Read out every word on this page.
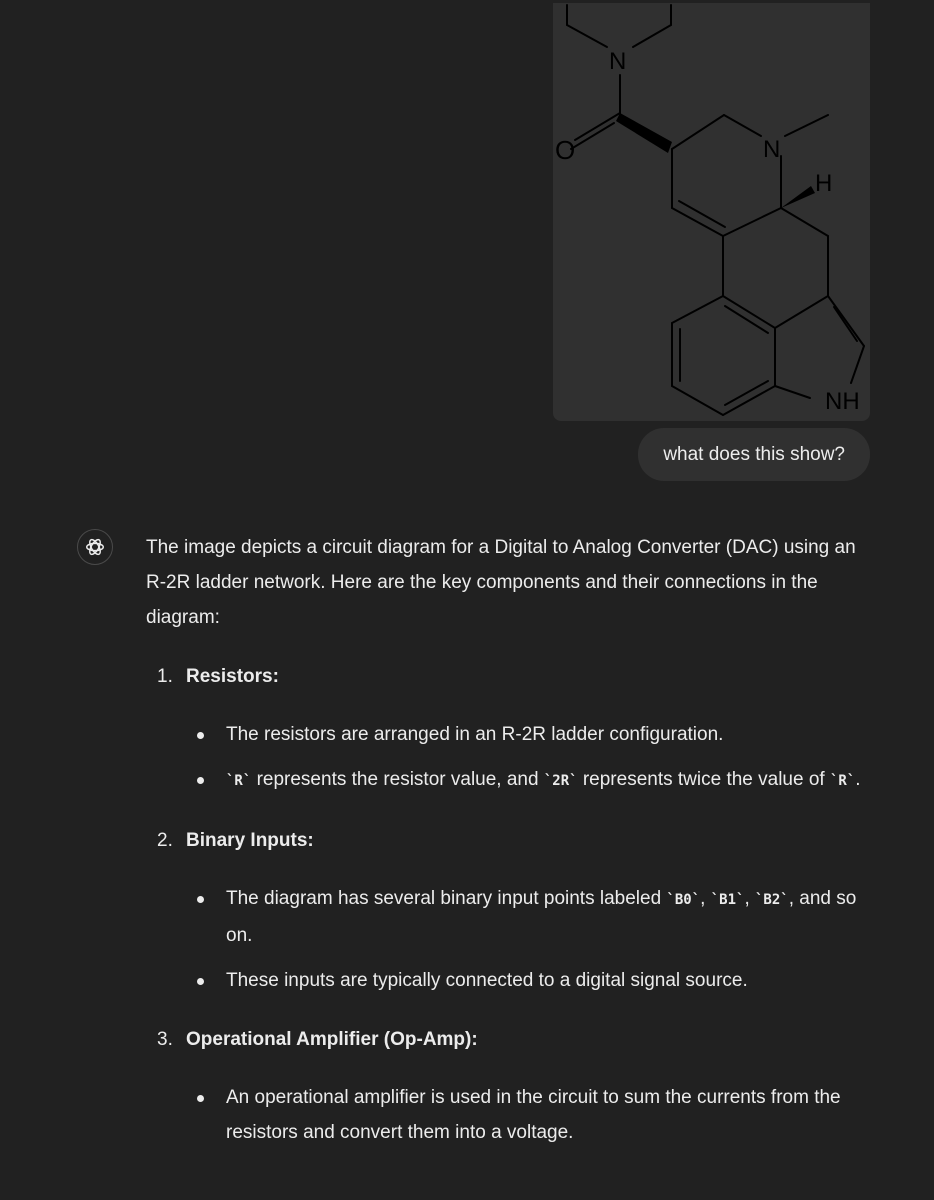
N
O	N
H
NH
what does this show?

The image depicts a circuit diagram for a Digital to Analog Converter (DAC) using an R-2R ladder network. Here are the key components and their connections in the diagram:

1. Resistors:
The resistors are arranged in an R-2R ladder configuration.
`R` represents the resistor value, and `2R` represents twice the value of `R`.
2. Binary Inputs:
The diagram has several binary input points labeled `B0`, `B1`, `B2`, and so on.
These inputs are typically connected to a digital signal source.
3. Operational Amplifier (Op-Amp):
An operational amplifier is used in the circuit to sum the currents from the resistors and convert them into a voltage.
